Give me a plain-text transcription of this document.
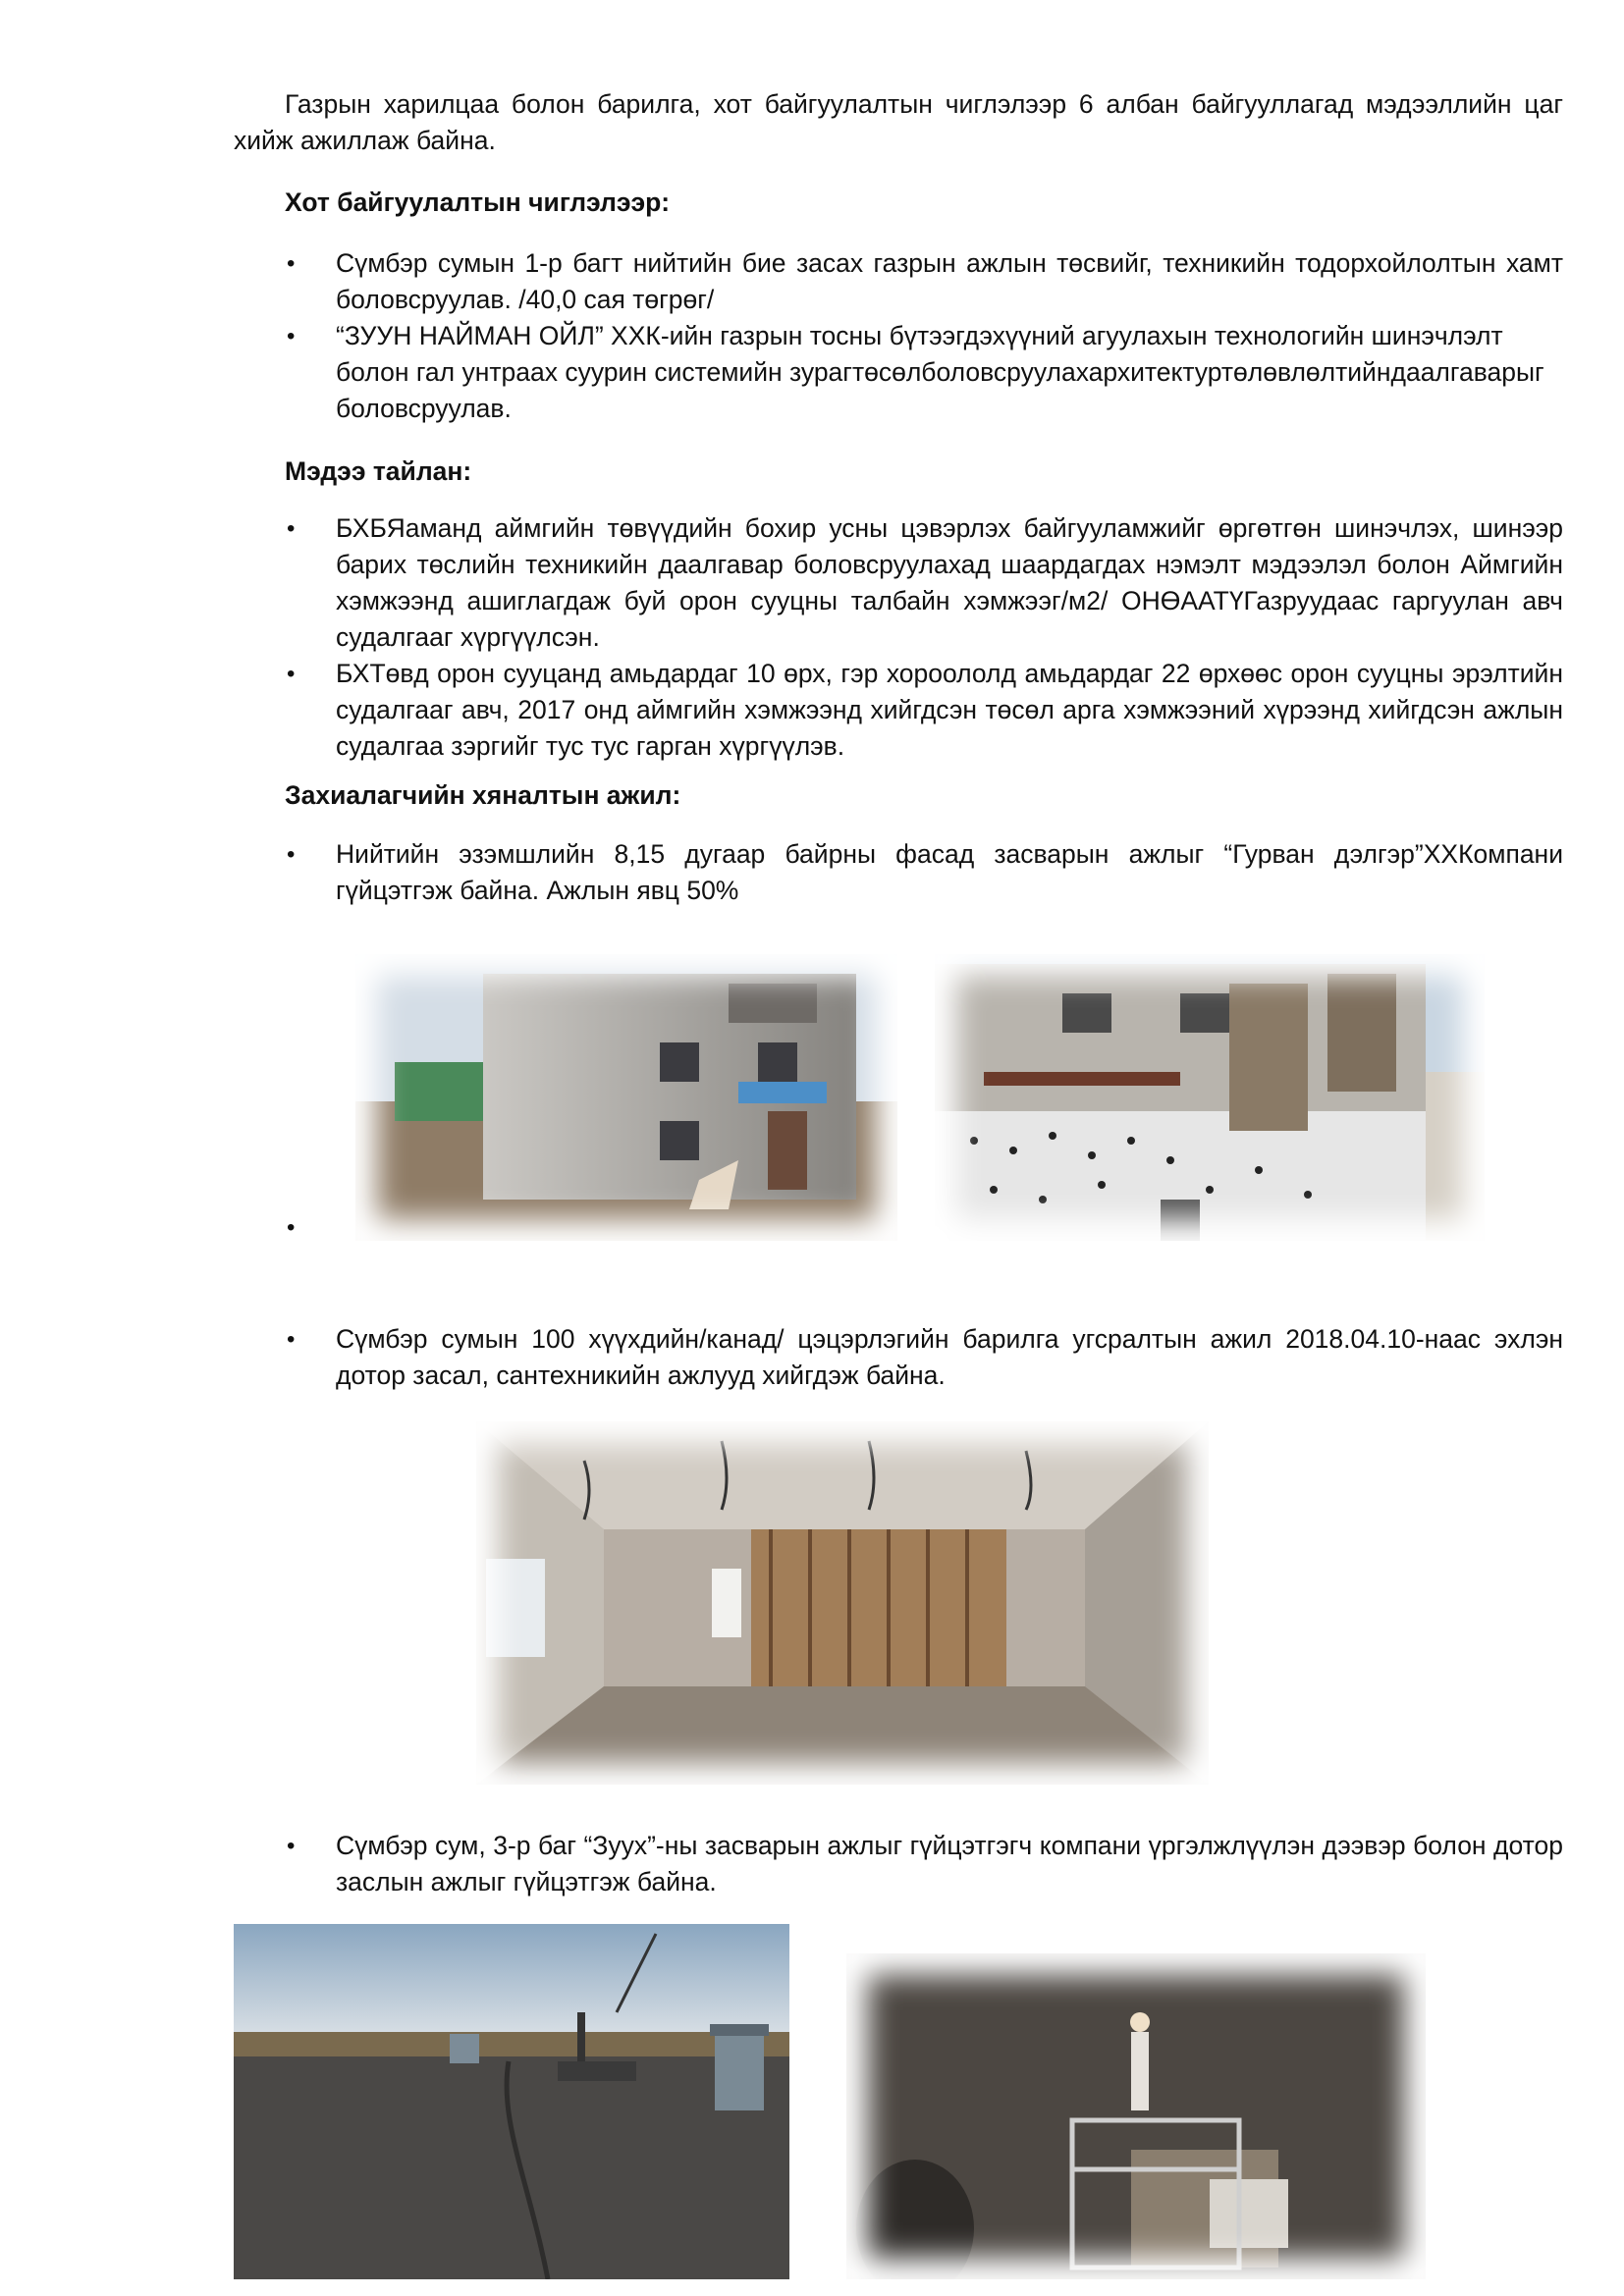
Газрын харилцаа болон барилга, хот байгуулалтын чиглэлээр 6 албан байгууллагад мэдээллийн цаг хийж ажиллаж байна.

Хот байгуулалтын чиглэлээр:

• Сүмбэр сумын 1-р багт нийтийн бие засах газрын ажлын төсвийг, техникийн тодорхойлолтын хамт боловсруулав. /40,0 сая төгрөг/
• “ЗУУН НАЙМАН ОЙЛ” ХХК-ийн газрын тосны бүтээгдэхүүний агуулахын технологийн шинэчлэлт болон гал унтраах суурин системийн зурагтөсөлболовсруулахархитектуртөлөвлөлтийндаалгаварыг боловсруулав.

Мэдээ тайлан:

• БХБЯаманд аймгийн төвүүдийн бохир усны цэвэрлэх байгууламжийг өргөтгөн шинэчлэх, шинээр барих төслийн техникийн даалгавар боловсруулахад шаардагдах нэмэлт мэдээлэл болон Аймгийн хэмжээнд ашиглагдаж буй орон сууцны талбайн хэмжээг/м2/ ОНӨААТҮГазруудаас гаргуулан авч судалгааг хүргүүлсэн.
• БХТөвд орон сууцанд амьдардаг 10 өрх, гэр хороололд амьдардаг 22 өрхөөс орон сууцны эрэлтийн судалгааг авч, 2017 онд аймгийн хэмжээнд хийгдсэн төсөл арга хэмжээний хүрээнд хийгдсэн ажлын судалгаа зэргийг тус тус гарган хүргүүлэв.

Захиалагчийн хяналтын ажил:

• Нийтийн эзэмшлийн 8,15 дугаар байрны фасад засварын ажлыг “Гурван дэлгэр”ХХКомпани гүйцэтгэж байна. Ажлын явц 50%
•
• Сүмбэр сумын 100 хүүхдийн/канад/ цэцэрлэгийн барилга угсралтын ажил 2018.04.10-наас эхлэн дотор засал, сантехникийн ажлууд хийгдэж байна.
• Сүмбэр сум, 3-р баг “Зуух”-ны засварын ажлыг гүйцэтгэгч компани үргэлжлүүлэн дээвэр болон дотор заслын ажлыг гүйцэтгэж байна.
